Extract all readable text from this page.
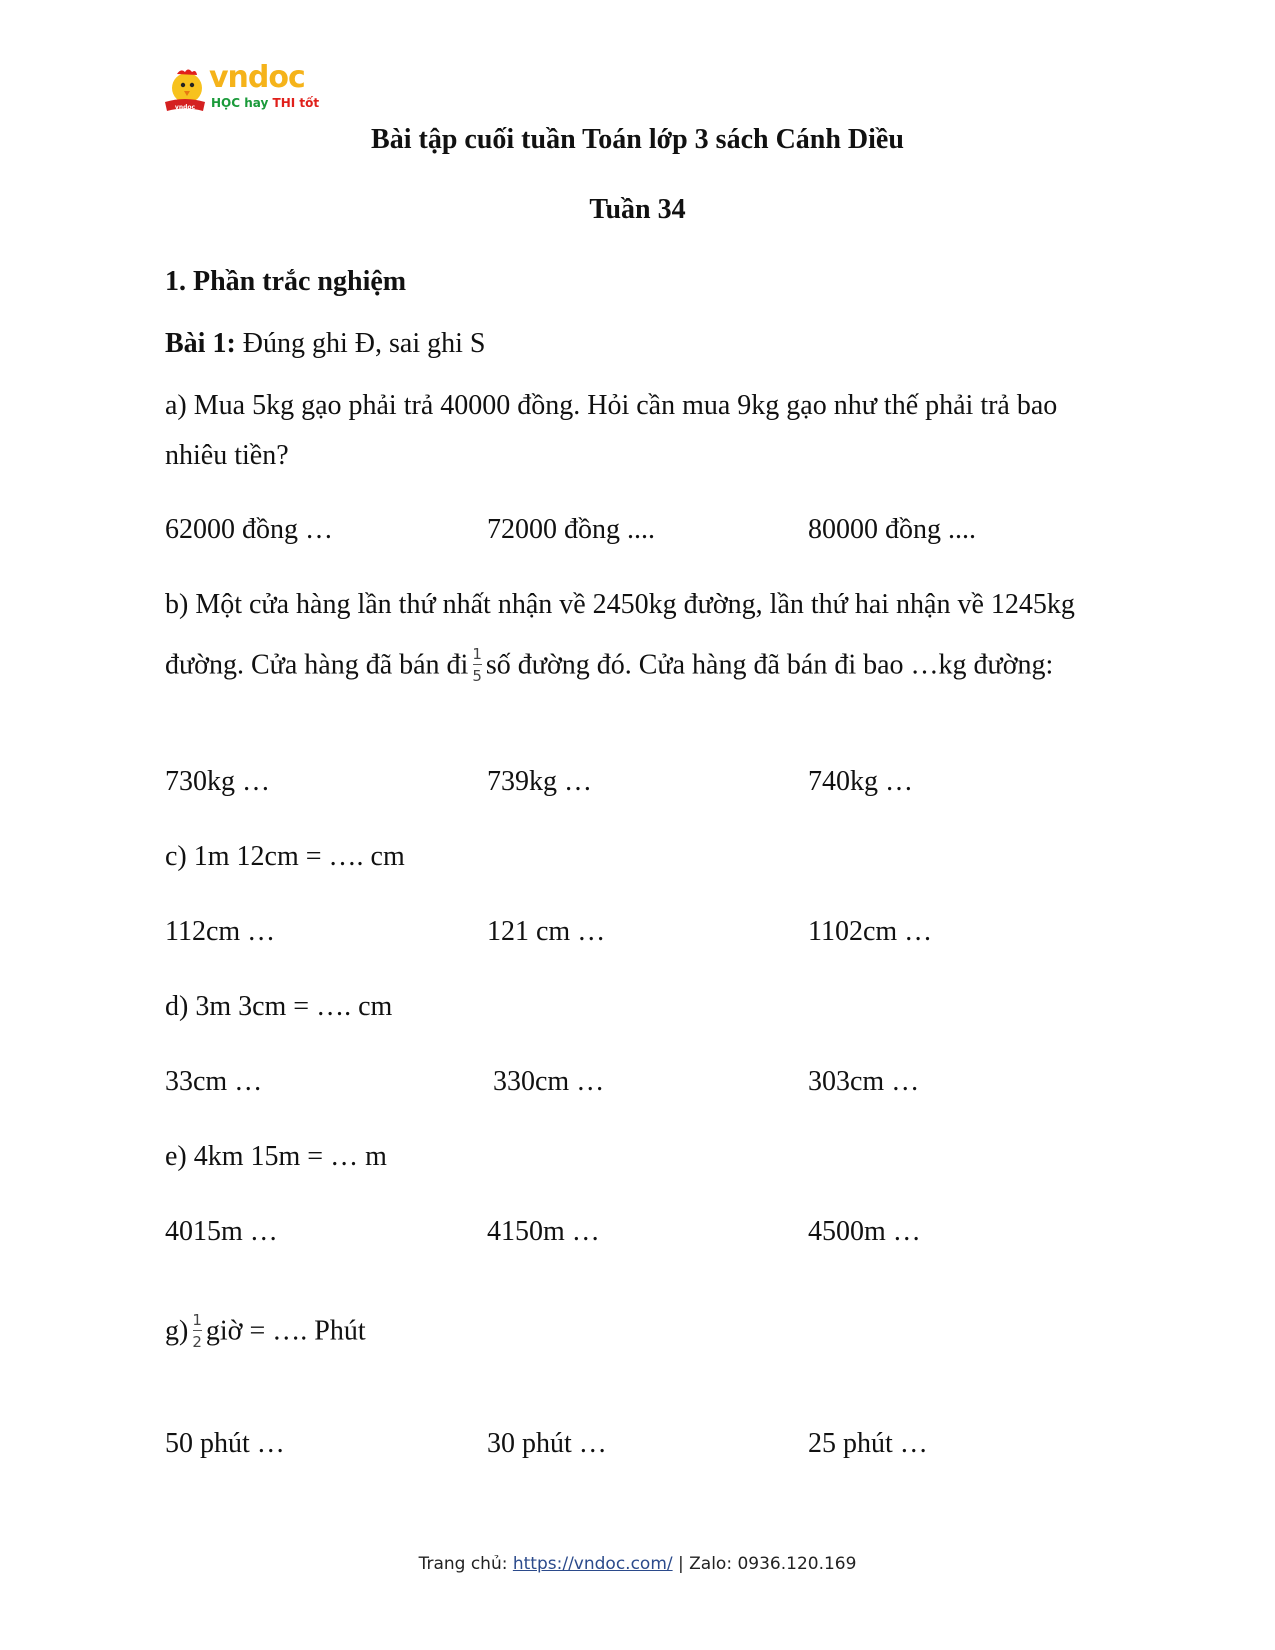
vndoc
vndoc
HỌC hay THI tốt
Bài tập cuối tuần Toán lớp 3 sách Cánh Diều
Tuần 34
1. Phần trắc nghiệm
Bài 1: Đúng ghi Đ, sai ghi S
a) Mua 5kg gạo phải trả 40000 đồng. Hỏi cần mua 9kg gạo như thế phải trả bao
nhiêu tiền?
62000 đồng …	72000 đồng ....	80000 đồng ....
b) Một cửa hàng lần thứ nhất nhận về 2450kg đường, lần thứ hai nhận về 1245kg
đường. Cửa hàng đã bán đi $\frac{1}{5}$ số đường đó. Cửa hàng đã bán đi bao …kg đường:
730kg …	739kg …	740kg …
c) 1m 12cm = …. cm
112cm …	121 cm …	1102cm …
d) 3m 3cm = …. cm
33cm …	330cm …	303cm …
e) 4km 15m = … m
4015m …	4150m …	4500m …
$g) \frac{1}{2}$ giờ = …. Phút
50 phút …	30 phút …	25 phút …
Trang chủ: https://vndoc.com/ | Zalo: 0936.120.169
